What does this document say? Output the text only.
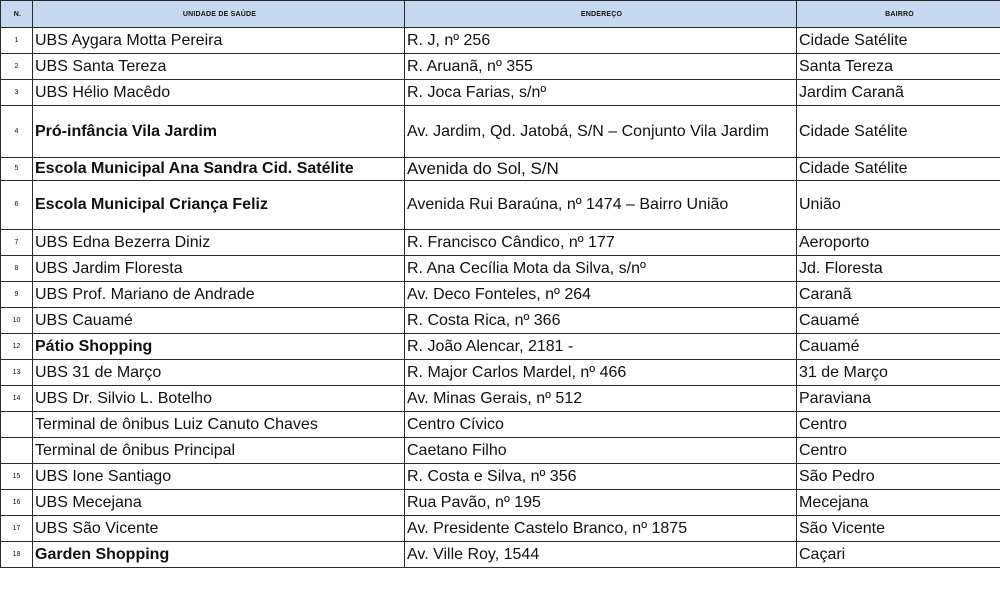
N.	UNIDADE DE SAÚDE	ENDEREÇO	BAIRRO
1	UBS Aygara Motta Pereira	R. J, nº 256	Cidade Satélite
2	UBS Santa Tereza	R. Aruanã, nº 355	Santa Tereza
3	UBS Hélio Macêdo	R. Joca Farias, s/nº	Jardim Caranã
4	Pró-infância Vila Jardim	Av. Jardim, Qd. Jatobá, S/N – Conjunto Vila Jardim	Cidade Satélite
5	Escola Municipal Ana Sandra Cid. Satélite	Avenida do Sol, S/N	Cidade Satélite
6	Escola Municipal Criança Feliz	Avenida Rui Baraúna, nº 1474 – Bairro União	União
7	UBS Edna Bezerra Diniz	R. Francisco Cândico, nº 177	Aeroporto
8	UBS Jardim Floresta	R. Ana Cecília Mota da Silva, s/nº	Jd. Floresta
9	UBS Prof. Mariano de Andrade	Av. Deco Fonteles, nº 264	Caranã
10	UBS Cauamé	R. Costa Rica, nº 366	Cauamé
12	Pátio Shopping	R. João Alencar, 2181 -	Cauamé
13	UBS 31 de Março	R. Major Carlos Mardel, nº 466	31 de Março
14	UBS Dr. Silvio L. Botelho	Av. Minas Gerais, nº 512	Paraviana
	Terminal de ônibus Luiz Canuto Chaves	Centro Cívico	Centro
	Terminal de ônibus Principal	Caetano Filho	Centro
15	UBS Ione Santiago	R. Costa e Silva, nº 356	São Pedro
16	UBS Mecejana	Rua Pavão, nº 195	Mecejana
17	UBS São Vicente	Av. Presidente Castelo Branco, nº 1875	São Vicente
18	Garden Shopping	Av. Ville Roy, 1544	Caçari
